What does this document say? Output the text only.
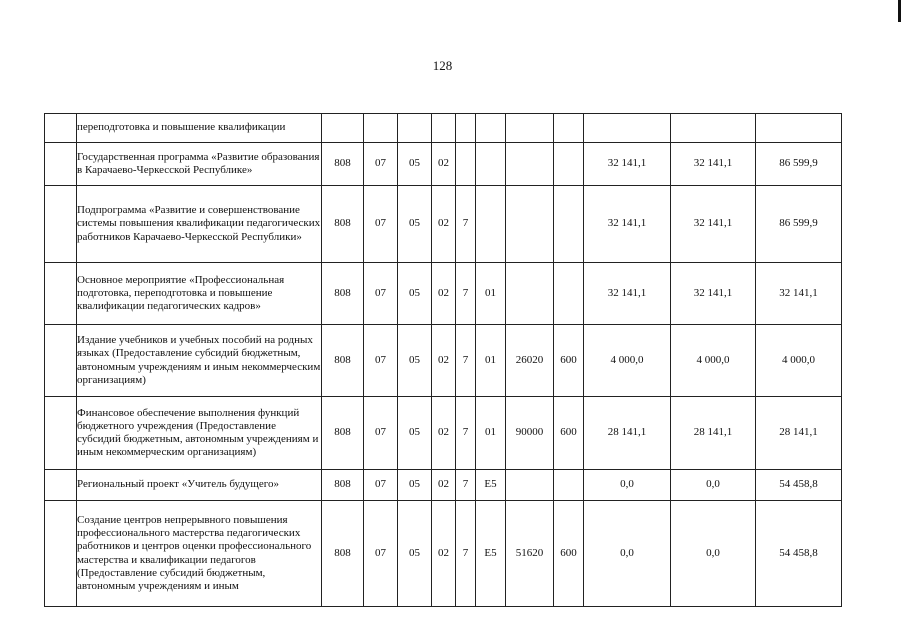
128
	переподготовка и повышение квалификации											
	Государственная программа «Развитие образования в Карачаево-Черкесской Республике»	808	07	05	02					32 141,1	32 141,1	86 599,9
	Подпрограмма «Развитие и совершенствование системы повышения квалификации педагогических работников Карачаево-Черкесской Республики»	808	07	05	02	7				32 141,1	32 141,1	86 599,9
	Основное мероприятие «Профессиональная подготовка, переподготовка и повышение квалификации педагогических кадров»	808	07	05	02	7	01			32 141,1	32 141,1	32 141,1
	Издание учебников и учебных пособий на родных языках (Предоставление субсидий бюджетным, автономным учреждениям и иным некоммерческим организациям)	808	07	05	02	7	01	26020	600	4 000,0	4 000,0	4 000,0
	Финансовое обеспечение выполнения функций бюджетного учреждения (Предоставление субсидий бюджетным, автономным учреждениям и иным некоммерческим организациям)	808	07	05	02	7	01	90000	600	28 141,1	28 141,1	28 141,1
	Региональный проект «Учитель будущего»	808	07	05	02	7	E5			0,0	0,0	54 458,8
	Создание центров непрерывного повышения профессионального мастерства педагогических работников и центров оценки профессионального мастерства и квалификации педагогов (Предоставление субсидий бюджетным, автономным учреждениям и иным	808	07	05	02	7	E5	51620	600	0,0	0,0	54 458,8
